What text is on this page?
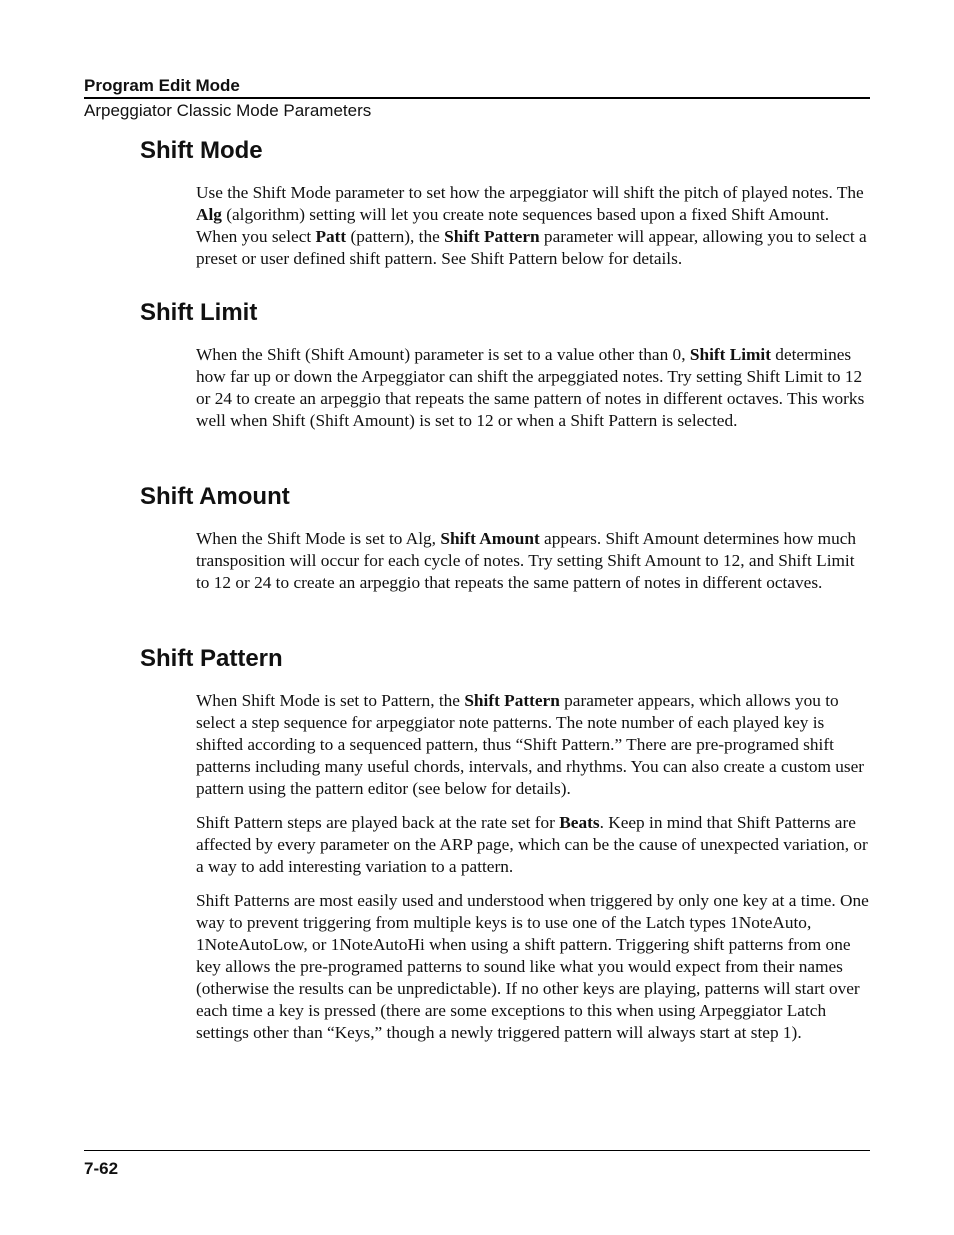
Program Edit Mode
Arpeggiator Classic Mode Parameters
Shift Mode

Use the Shift Mode parameter to set how the arpeggiator will shift the pitch of played notes. The Alg (algorithm) setting will let you create note sequences based upon a fixed Shift Amount. When you select Patt (pattern), the Shift Pattern parameter will appear, allowing you to select a preset or user defined shift pattern. See Shift Pattern below for details.

Shift Limit

When the Shift (Shift Amount) parameter is set to a value other than 0, Shift Limit determines how far up or down the Arpeggiator can shift the arpeggiated notes. Try setting Shift Limit to 12 or 24 to create an arpeggio that repeats the same pattern of notes in different octaves. This works well when Shift (Shift Amount) is set to 12 or when a Shift Pattern is selected.

Shift Amount

When the Shift Mode is set to Alg, Shift Amount appears. Shift Amount determines how much transposition will occur for each cycle of notes. Try setting Shift Amount to 12, and Shift Limit to 12 or 24 to create an arpeggio that repeats the same pattern of notes in different octaves.

Shift Pattern

When Shift Mode is set to Pattern, the Shift Pattern parameter appears, which allows you to select a step sequence for arpeggiator note patterns. The note number of each played key is shifted according to a sequenced pattern, thus “Shift Pattern.” There are pre-programed shift patterns including many useful chords, intervals, and rhythms. You can also create a custom user pattern using the pattern editor (see below for details).

Shift Pattern steps are played back at the rate set for Beats. Keep in mind that Shift Patterns are affected by every parameter on the ARP page, which can be the cause of unexpected variation, or a way to add interesting variation to a pattern.

Shift Patterns are most easily used and understood when triggered by only one key at a time. One way to prevent triggering from multiple keys is to use one of the Latch types 1NoteAuto, 1NoteAutoLow, or 1NoteAutoHi when using a shift pattern. Triggering shift patterns from one key allows the pre-programed patterns to sound like what you would expect from their names (otherwise the results can be unpredictable). If no other keys are playing, patterns will start over each time a key is pressed (there are some exceptions to this when using Arpeggiator Latch settings other than “Keys,” though a newly triggered pattern will always start at step 1).

7-62
